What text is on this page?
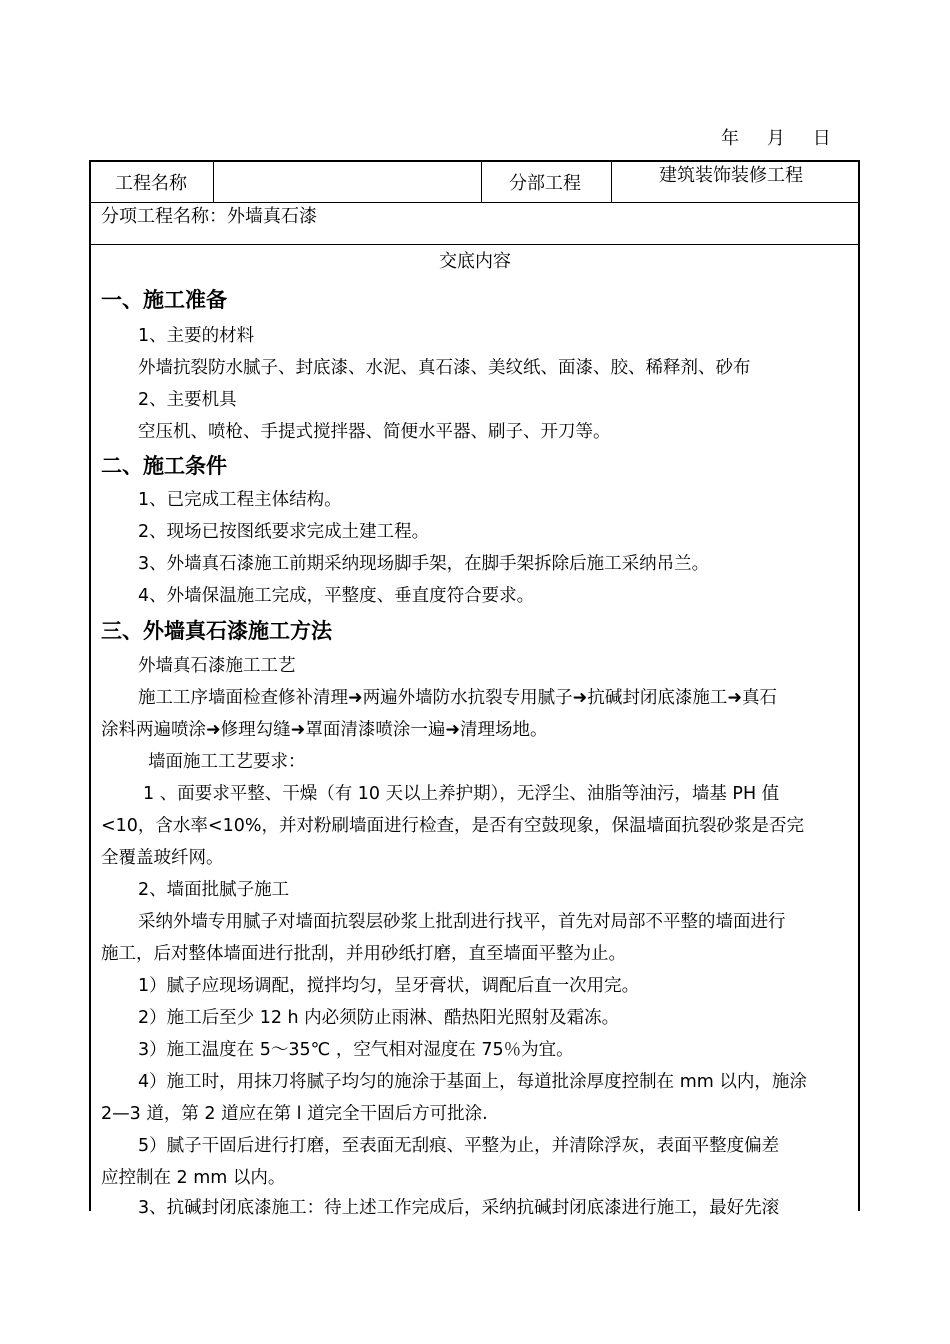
年    月    日
工程名称	分部工程	建筑装饰装修工程
分项工程名称：外墙真石漆
交底内容
一、施工准备
1、主要的材料
外墙抗裂防水腻子、封底漆、水泥、真石漆、美纹纸、面漆、胶、稀释剂、砂布
2、主要机具
空压机、喷枪、手提式搅拌器、简便水平器、刷子、开刀等。
二、施工条件
1、已完成工程主体结构。
2、现场已按图纸要求完成土建工程。
3、外墙真石漆施工前期采纳现场脚手架，在脚手架拆除后施工采纳吊兰。
4、外墙保温施工完成，平整度、垂直度符合要求。
三、外墙真石漆施工方法
外墙真石漆施工工艺
施工工序墙面检查修补清理➜两遍外墙防水抗裂专用腻子➜抗碱封闭底漆施工➜真石
涂料两遍喷涂➜修理勾缝➜罩面清漆喷涂一遍➜清理场地。
墙面施工工艺要求：
1 、面要求平整、干燥（有 10 天以上养护期），无浮尘、油脂等油污，墙基 PH 值
<10，含水率<10%，并对粉刷墙面进行检查，是否有空鼓现象，保温墙面抗裂砂浆是否完
全覆盖玻纤网。
2、墙面批腻子施工
采纳外墙专用腻子对墙面抗裂层砂浆上批刮进行找平，首先对局部不平整的墙面进行
施工，后对整体墙面进行批刮，并用砂纸打磨，直至墙面平整为止。
1）腻子应现场调配，搅拌均匀，呈牙膏状，调配后直一次用完。
2）施工后至少 12 h 内必须防止雨淋、酷热阳光照射及霜冻。
3）施工温度在 5～35℃ ，空气相对湿度在 75％为宜。
4）施工时，用抹刀将腻子均匀的施涂于基面上，每道批涂厚度控制在 mm 以内，施涂
2—3 道，第 2 道应在第 l 道完全干固后方可批涂.
5）腻子干固后进行打磨，至表面无刮痕、平整为止，并清除浮灰，表面平整度偏差
应控制在 2 mm 以内。
3、抗碱封闭底漆施工：待上述工作完成后，采纳抗碱封闭底漆进行施工，最好先滚
